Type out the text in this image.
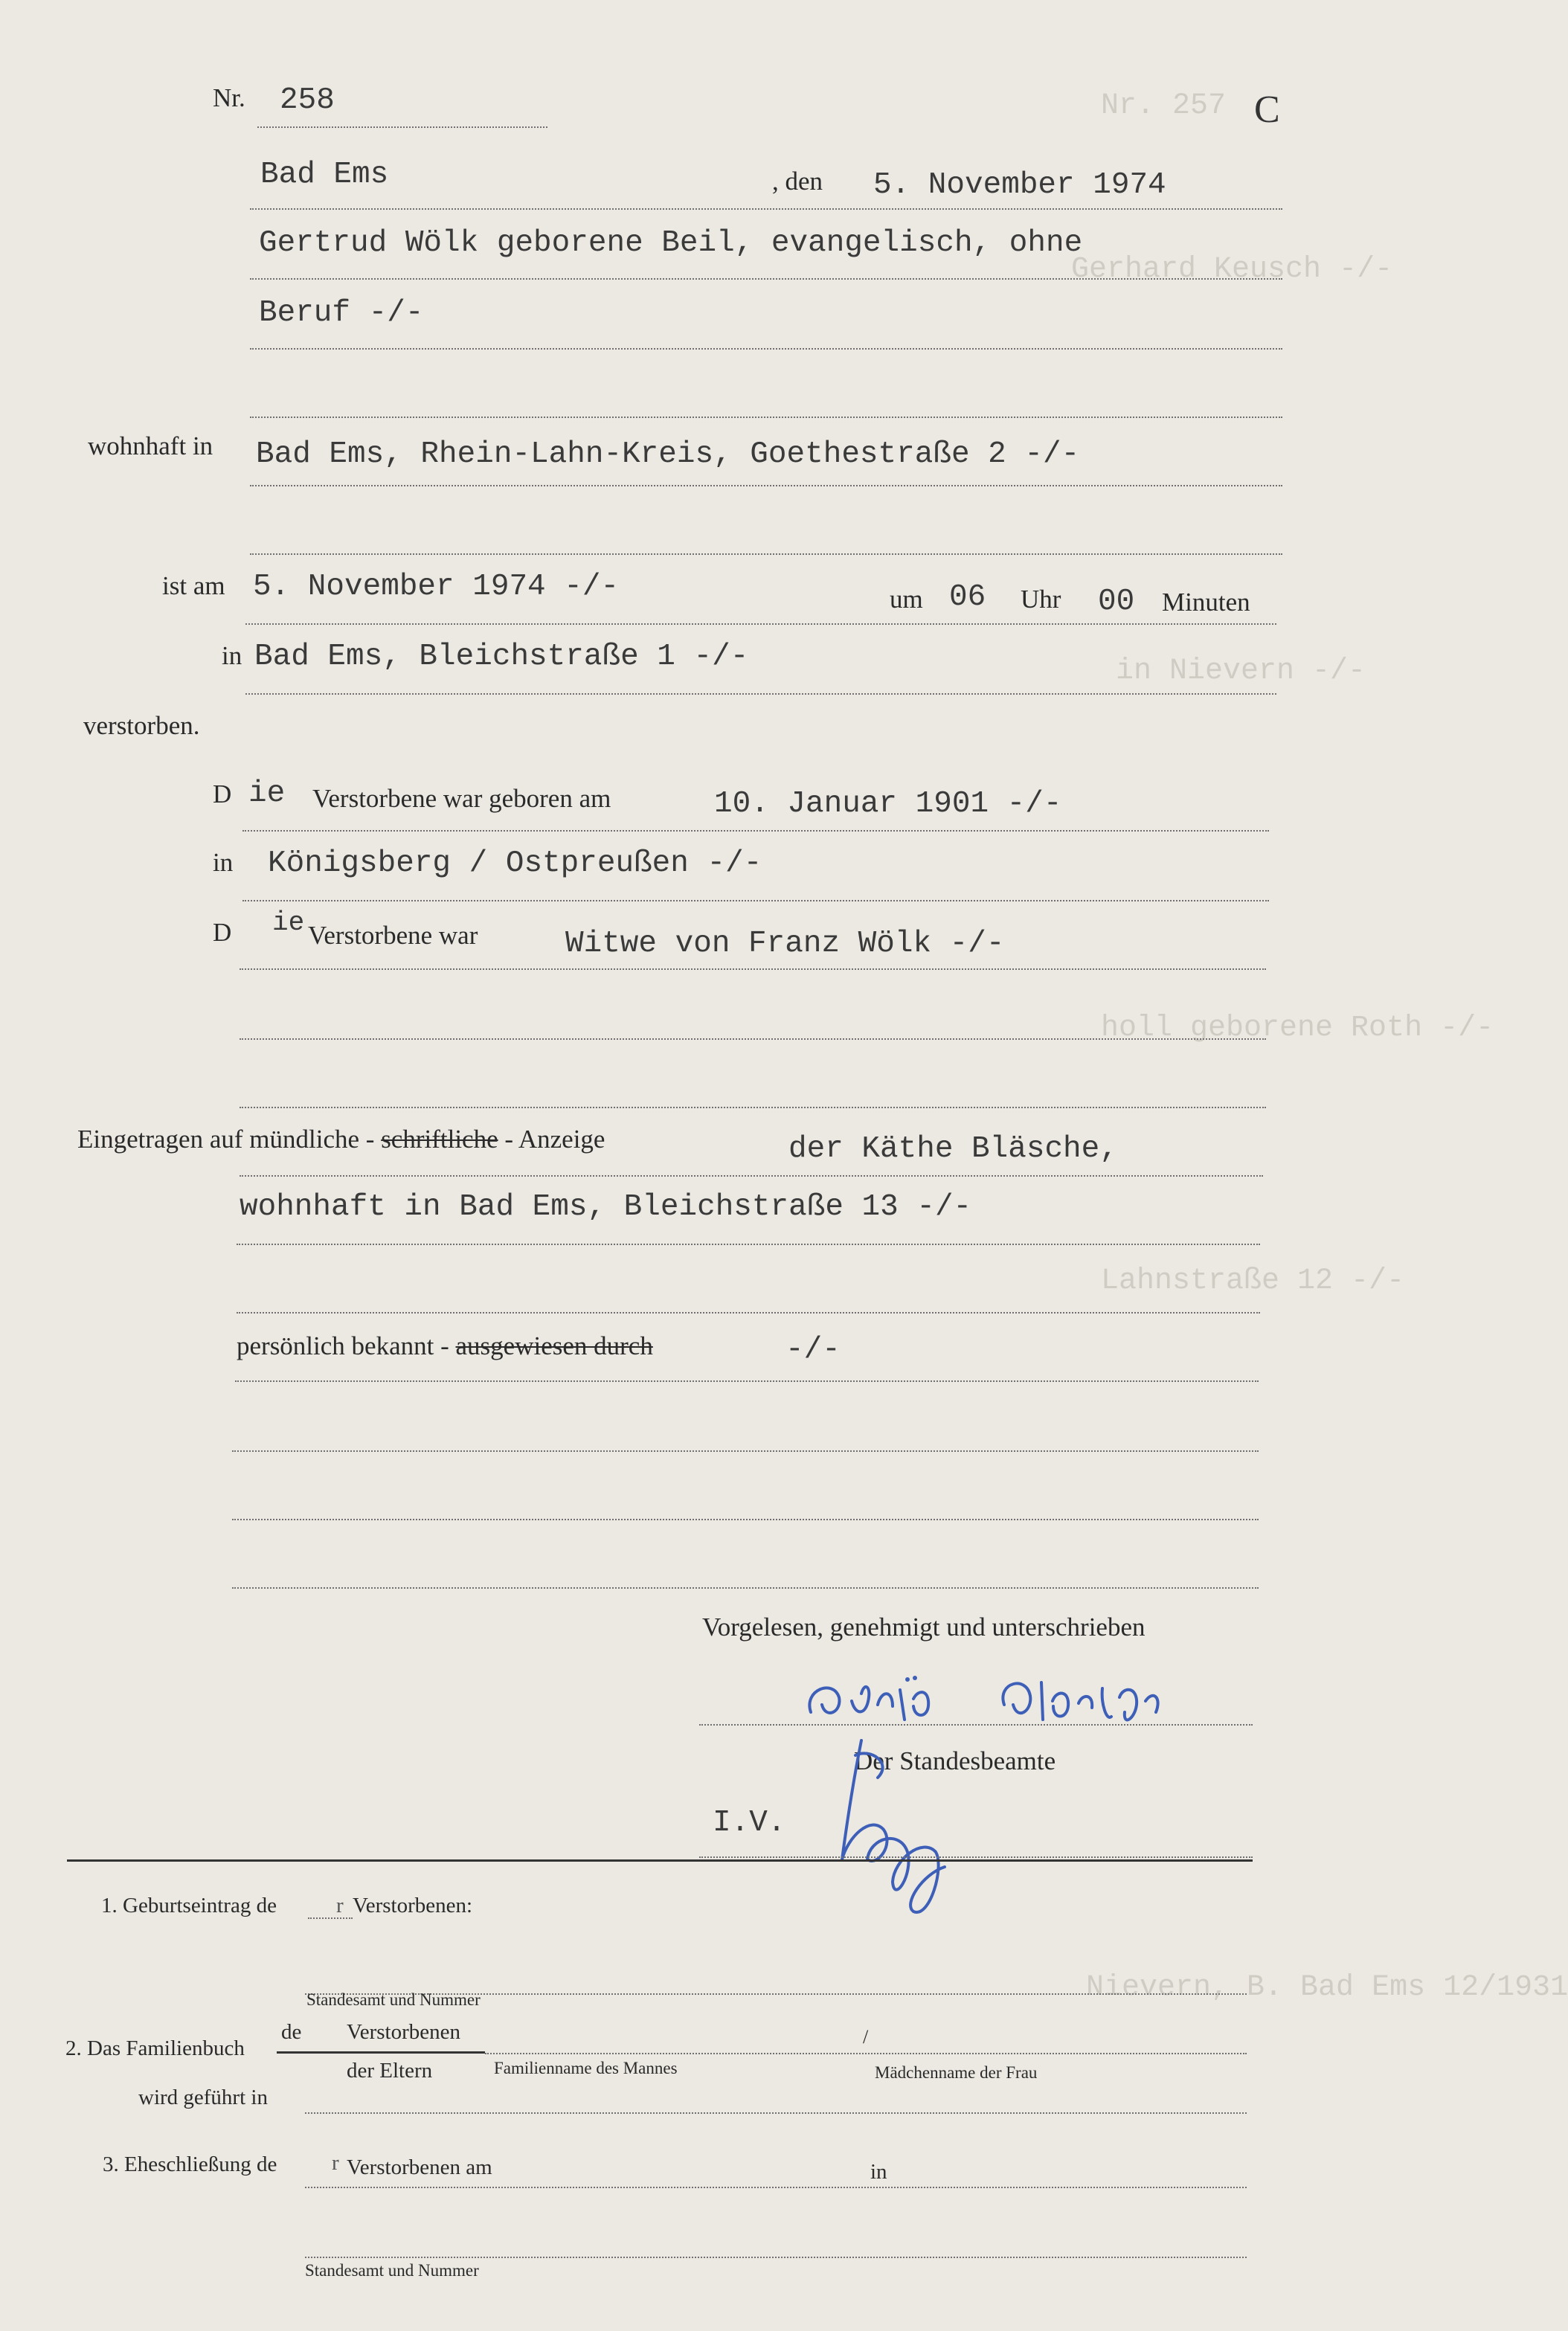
Nr. 257
Gerhard Keusch -/-
in Nievern -/-
holl geborene Roth -/-
Lahnstraße 12 -/-
Nievern, B. Bad Ems 12/1931
Nr. 258	C
Bad Ems	, den 5. November 1974
Gertrud Wölk geborene Beil, evangelisch, ohne
Beruf -/-
wohnhaft in Bad Ems, Rhein-Lahn-Kreis, Goethestraße 2 -/-
ist am 5. November 1974 -/-	um 06 Uhr 00 Minuten
in Bad Ems, Bleichstraße 1 -/-
verstorben.
D ie Verstorbene war geboren am	10. Januar 1901 -/-
in Königsberg / Ostpreußen -/-
D ie Verstorbene war	Witwe von Franz Wölk -/-
Eingetragen auf mündliche - schriftliche - Anzeige	der Käthe Bläsche,
wohnhaft in Bad Ems, Bleichstraße 13 -/-
persönlich bekannt - ausgewiesen durch	-/-
Vorgelesen, genehmigt und unterschrieben
Der Standesbeamte
I.V.
1. Geburtseintrag de	r Verstorbenen:
Standesamt und Nummer
de Verstorbenen
2. Das Familienbuch
der Eltern
/
Familienname des Mannes	Mädchenname der Frau
wird geführt in
3. Eheschließung de	r Verstorbenen am	in
Standesamt und Nummer
